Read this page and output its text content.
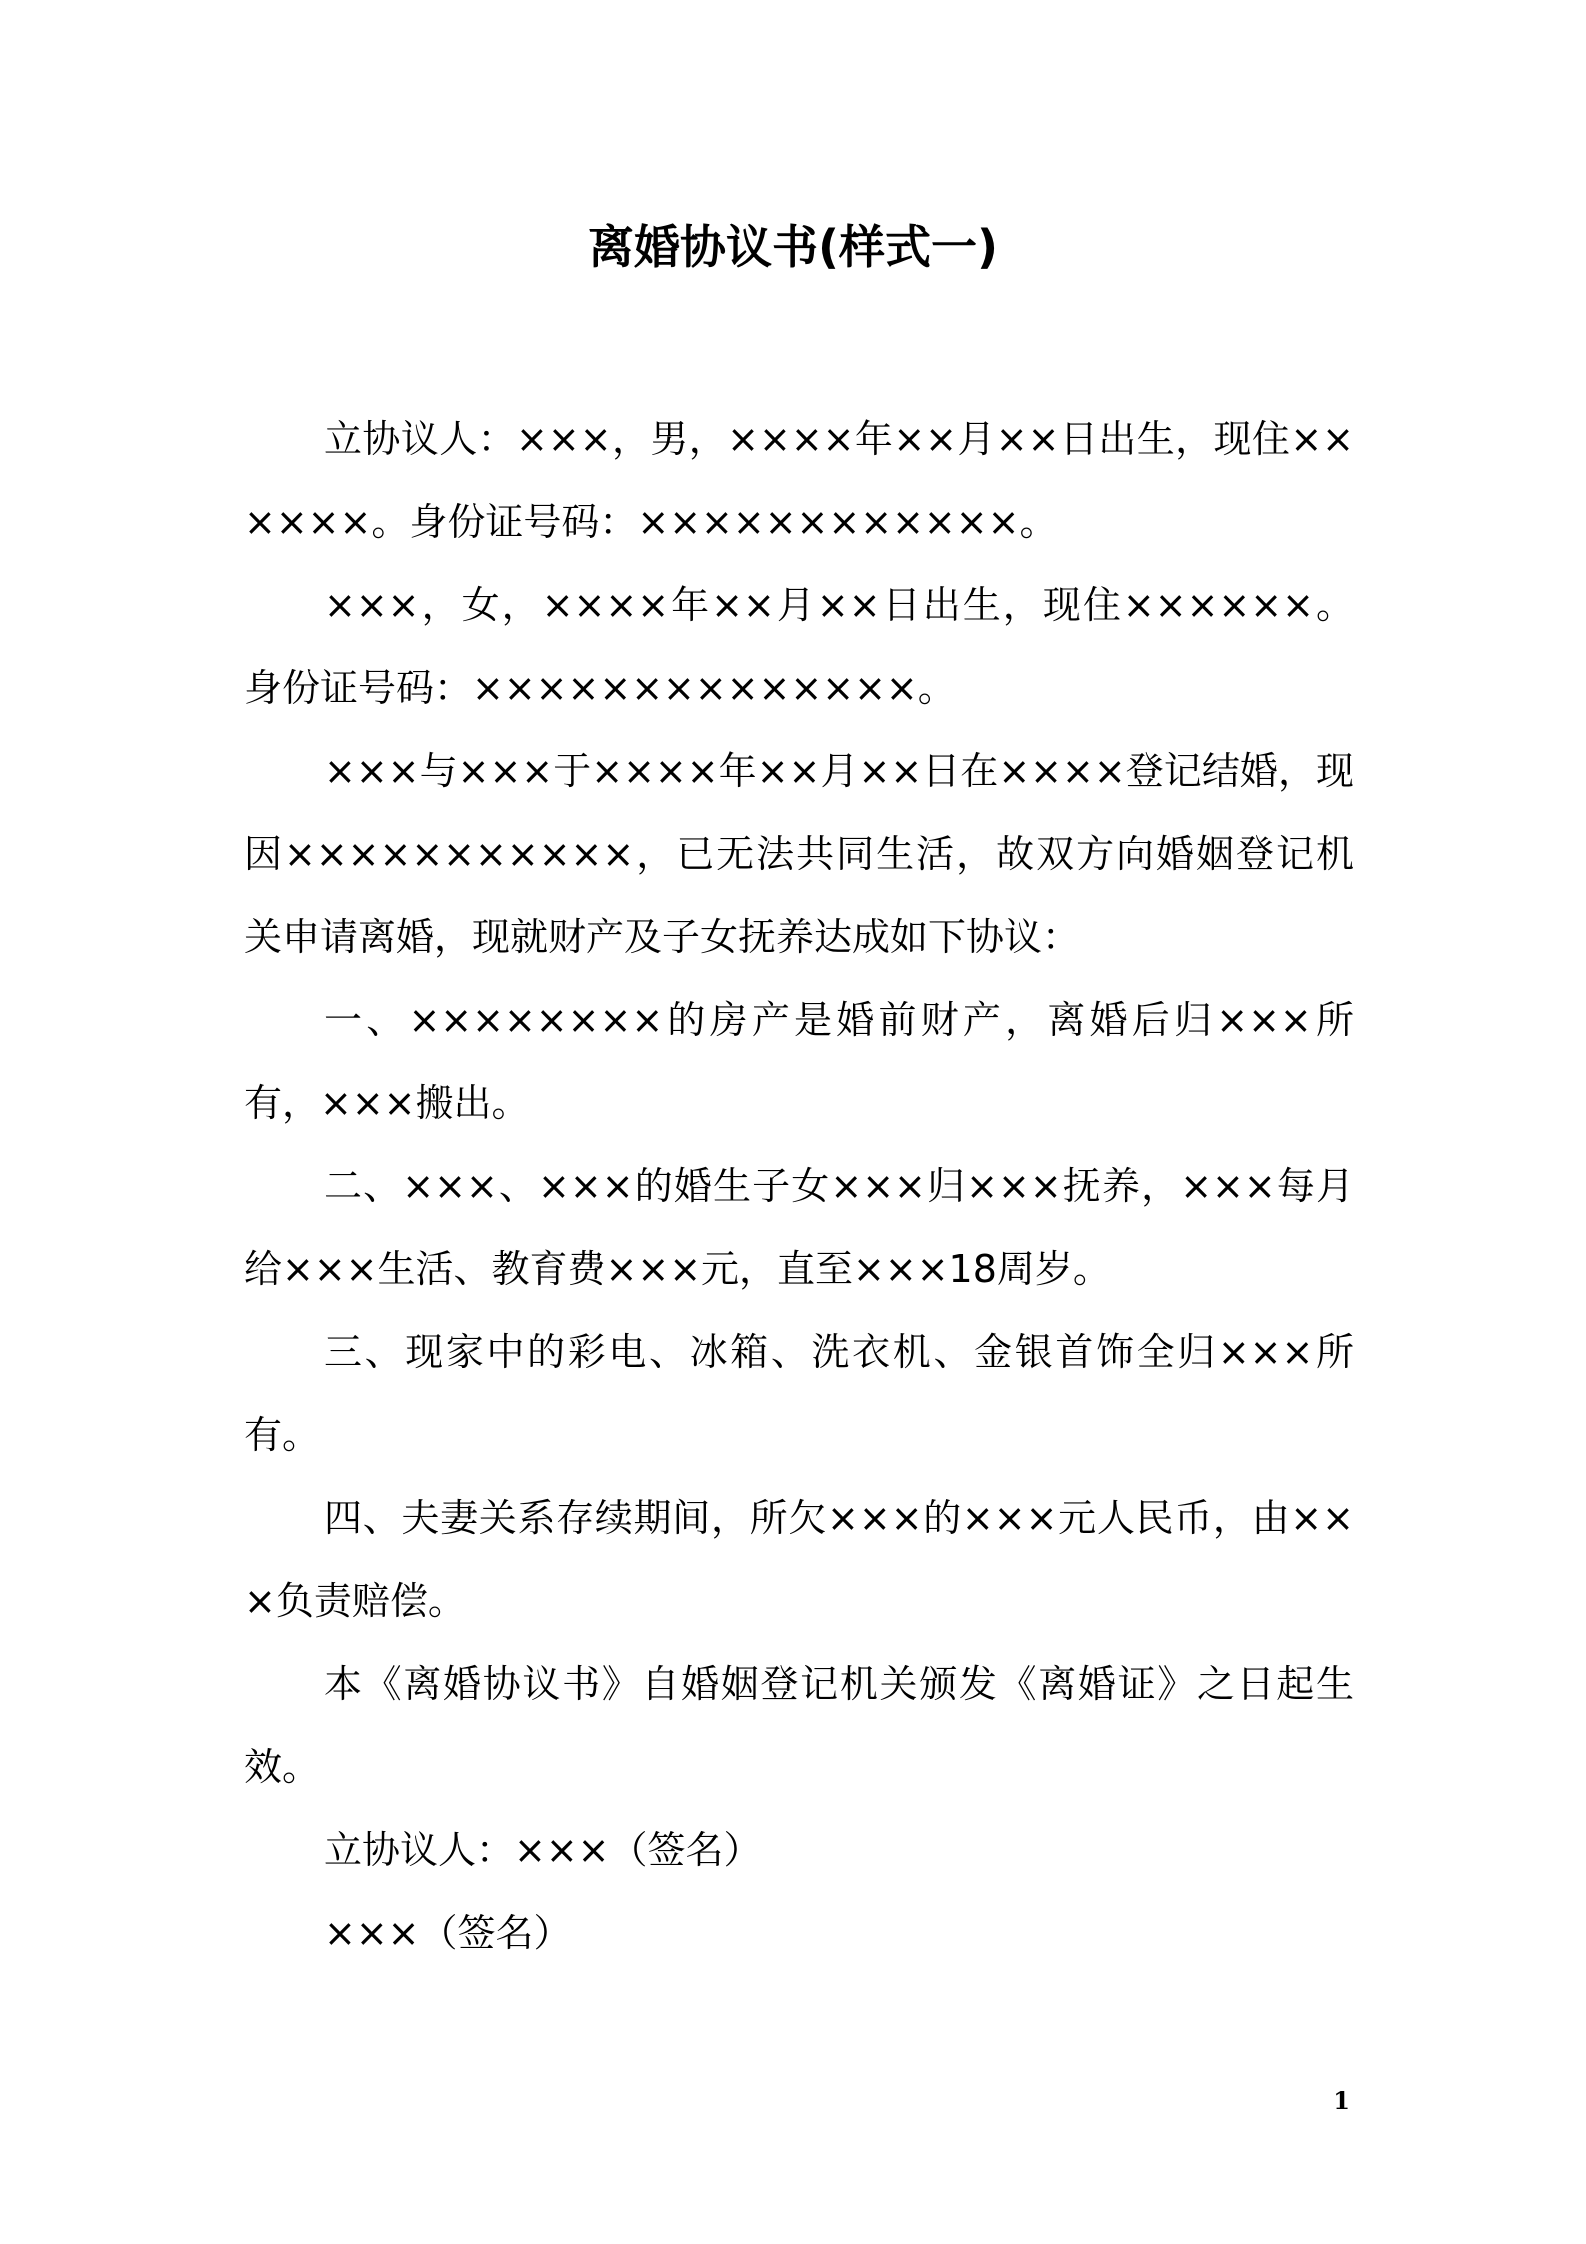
离婚协议书(样式一)

立协议人：×××，男，××××年××月××日出生，现住××××××。身份证号码：××××××××××××。

×××，女，××××年××月××日出生，现住××××××。身份证号码：××××××××××××××。

×××与×××于××××年××月××日在××××登记结婚，现因×××××××××××，已无法共同生活，故双方向婚姻登记机关申请离婚，现就财产及子女抚养达成如下协议：

一、××××××××的房产是婚前财产，离婚后归×××所有，×××搬出。

二、×××、×××的婚生子女×××归×××抚养，×××每月给×××生活、教育费×××元，直至×××18周岁。

三、现家中的彩电、冰箱、洗衣机、金银首饰全归×××所有。

四、夫妻关系存续期间，所欠×××的×××元人民币，由×××负责赔偿。

本《离婚协议书》自婚姻登记机关颁发《离婚证》之日起生效。

立协议人：×××（签名）

×××（签名）

1
